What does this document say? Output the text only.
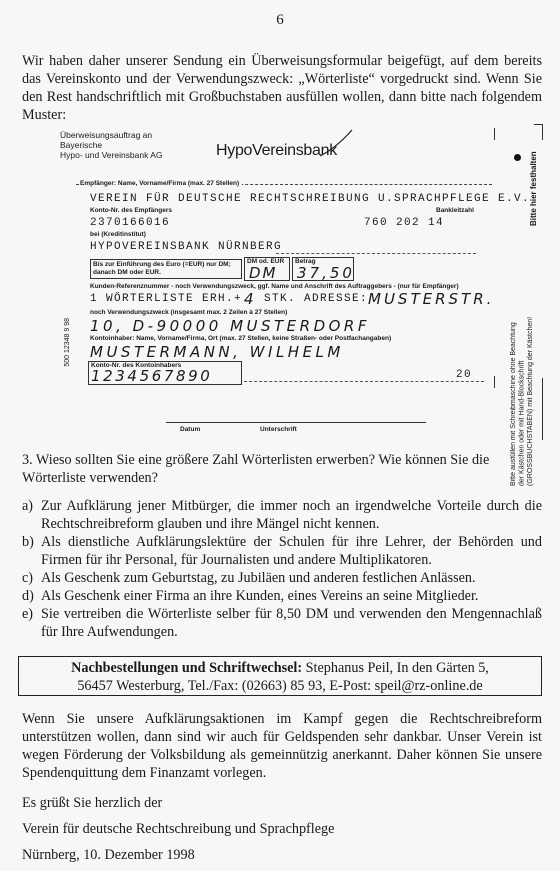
6

Wir haben daher unserer Sendung ein Überweisungsformular beigefügt, auf dem bereits das Vereinskonto und der Verwendungszweck: „Wörterliste“ vorgedruckt sind. Wenn Sie den Rest handschriftlich mit Großbuchstaben ausfüllen wollen, dann bitte nach folgendem Muster:

Überweisungsauftrag an
Bayerische
Hypo- und Vereinsbank AG	HypoVereinsbank
Bitte hier festhalten
Bitte ausfüllen mit Schreibmaschine ohne Beachtung der Kästchen oder mit Hand-Blockschrift (GROSSBUCHSTABEN) mit Beachtung der Kästchen!
Empfänger: Name, Vorname/Firma (max. 27 Stellen)
VEREIN FÜR DEUTSCHE RECHTSCHREIBUNG U.SPRACHPFLEGE E.V.
Konto-Nr. des Empfängers	Bankleitzahl
2370166016	760 202 14
bei (Kreditinstitut)
HYPOVEREINSBANK NÜRNBERG
Bis zur Einführung des Euro (=EUR) nur DM; danach DM oder EUR.
DM od. EUR
DM
Betrag
37,50
Kunden-Referenznummer - noch Verwendungszweck, ggf. Name und Anschrift des Auftraggebers - (nur für Empfänger)
1 WÖRTERLISTE ERH.+.
4 STK. ADRESSE: MUSTERSTR.
noch Verwendungszweck (insgesamt max. 2 Zeilen à 27 Stellen)
10, D-90000 MUSTERDORF
Kontoinhaber: Name, Vorname/Firma, Ort (max. 27 Stellen, keine Straßen- oder Postfachangaben)
MUSTERMANN, WILHELM
Konto-Nr. des Kontoinhabers
1234567890	20
500 12348 9 98
Datum	Unterschrift

3. Wieso sollten Sie eine größere Zahl Wörterlisten erwerben? Wie können Sie die Wörterliste verwenden?

a) Zur Aufklärung jener Mitbürger, die immer noch an irgendwelche Vorteile durch die Rechtschreibreform glauben und ihre Mängel nicht kennen.
b) Als dienstliche Aufklärungslektüre der Schulen für ihre Lehrer, der Behörden und Firmen für ihr Personal, für Journalisten und andere Multiplikatoren.
c) Als Geschenk zum Geburtstag, zu Jubiläen und anderen festlichen Anlässen.
d) Als Geschenk einer Firma an ihre Kunden, eines Vereins an seine Mitglieder.
e) Sie vertreiben die Wörterliste selber für 8,50 DM und verwenden den Mengennachlaß für Ihre Aufwendungen.
Nachbestellungen und Schriftwechsel: Stephanus Peil, In den Gärten 5,
56457 Westerburg, Tel./Fax: (02663) 85 93, E-Post: speil@rz-online.de

Wenn Sie unsere Aufklärungsaktionen im Kampf gegen die Rechtschreibreform unterstützen wollen, dann sind wir auch für Geldspenden sehr dankbar. Unser Verein ist wegen Förderung der Volksbildung als gemeinnützig anerkannt. Daher können Sie unsere Spendenquittung dem Finanzamt vorlegen.

Es grüßt Sie herzlich der

Verein für deutsche Rechtschreibung und Sprachpflege

Nürnberg, 10. Dezember 1998
